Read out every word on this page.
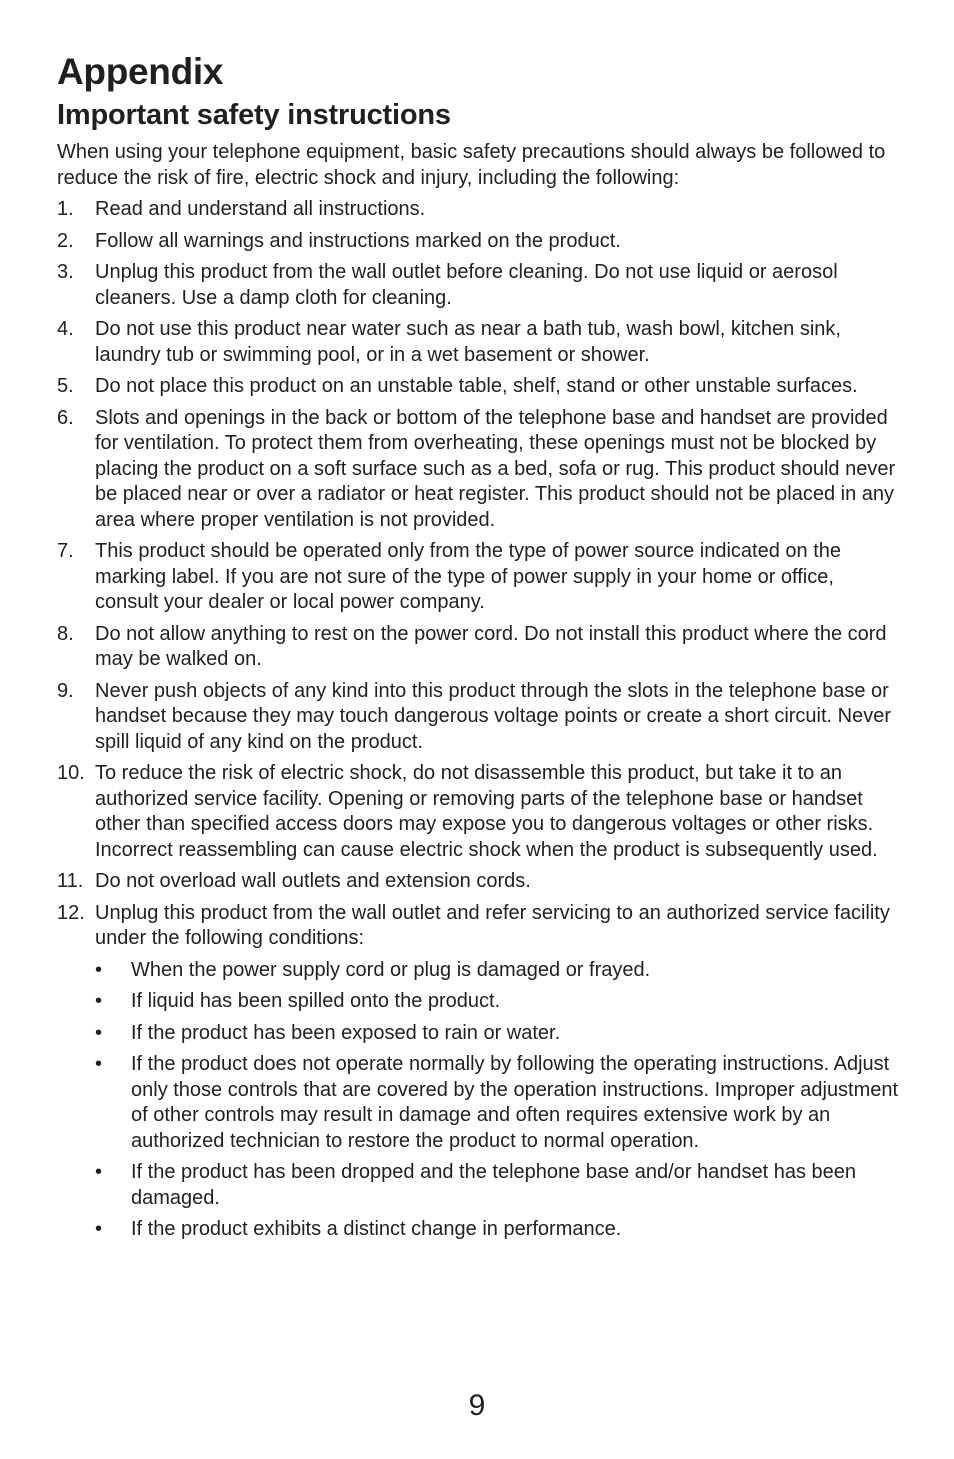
Appendix
Important safety instructions

When using your telephone equipment, basic safety precautions should always be followed to reduce the risk of fire, electric shock and injury, including the following:

1. Read and understand all instructions.
2. Follow all warnings and instructions marked on the product.
3. Unplug this product from the wall outlet before cleaning. Do not use liquid or aerosol cleaners. Use a damp cloth for cleaning.
4. Do not use this product near water such as near a bath tub, wash bowl, kitchen sink, laundry tub or swimming pool, or in a wet basement or shower.
5. Do not place this product on an unstable table, shelf, stand or other unstable surfaces.
6. Slots and openings in the back or bottom of the telephone base and handset are provided for ventilation. To protect them from overheating, these openings must not be blocked by placing the product on a soft surface such as a bed, sofa or rug. This product should never be placed near or over a radiator or heat register. This product should not be placed in any area where proper ventilation is not provided.
7. This product should be operated only from the type of power source indicated on the marking label. If you are not sure of the type of power supply in your home or office, consult your dealer or local power company.
8. Do not allow anything to rest on the power cord. Do not install this product where the cord may be walked on.
9. Never push objects of any kind into this product through the slots in the telephone base or handset because they may touch dangerous voltage points or create a short circuit. Never spill liquid of any kind on the product.
10. To reduce the risk of electric shock, do not disassemble this product, but take it to an authorized service facility. Opening or removing parts of the telephone base or handset other than specified access doors may expose you to dangerous voltages or other risks. Incorrect reassembling can cause electric shock when the product is subsequently used.
11. Do not overload wall outlets and extension cords.
12. Unplug this product from the wall outlet and refer servicing to an authorized service facility under the following conditions:
• When the power supply cord or plug is damaged or frayed.
• If liquid has been spilled onto the product.
• If the product has been exposed to rain or water.
• If the product does not operate normally by following the operating instructions. Adjust only those controls that are covered by the operation instructions. Improper adjustment of other controls may result in damage and often requires extensive work by an authorized technician to restore the product to normal operation.
• If the product has been dropped and the telephone base and/or handset has been damaged.
• If the product exhibits a distinct change in performance.
9
